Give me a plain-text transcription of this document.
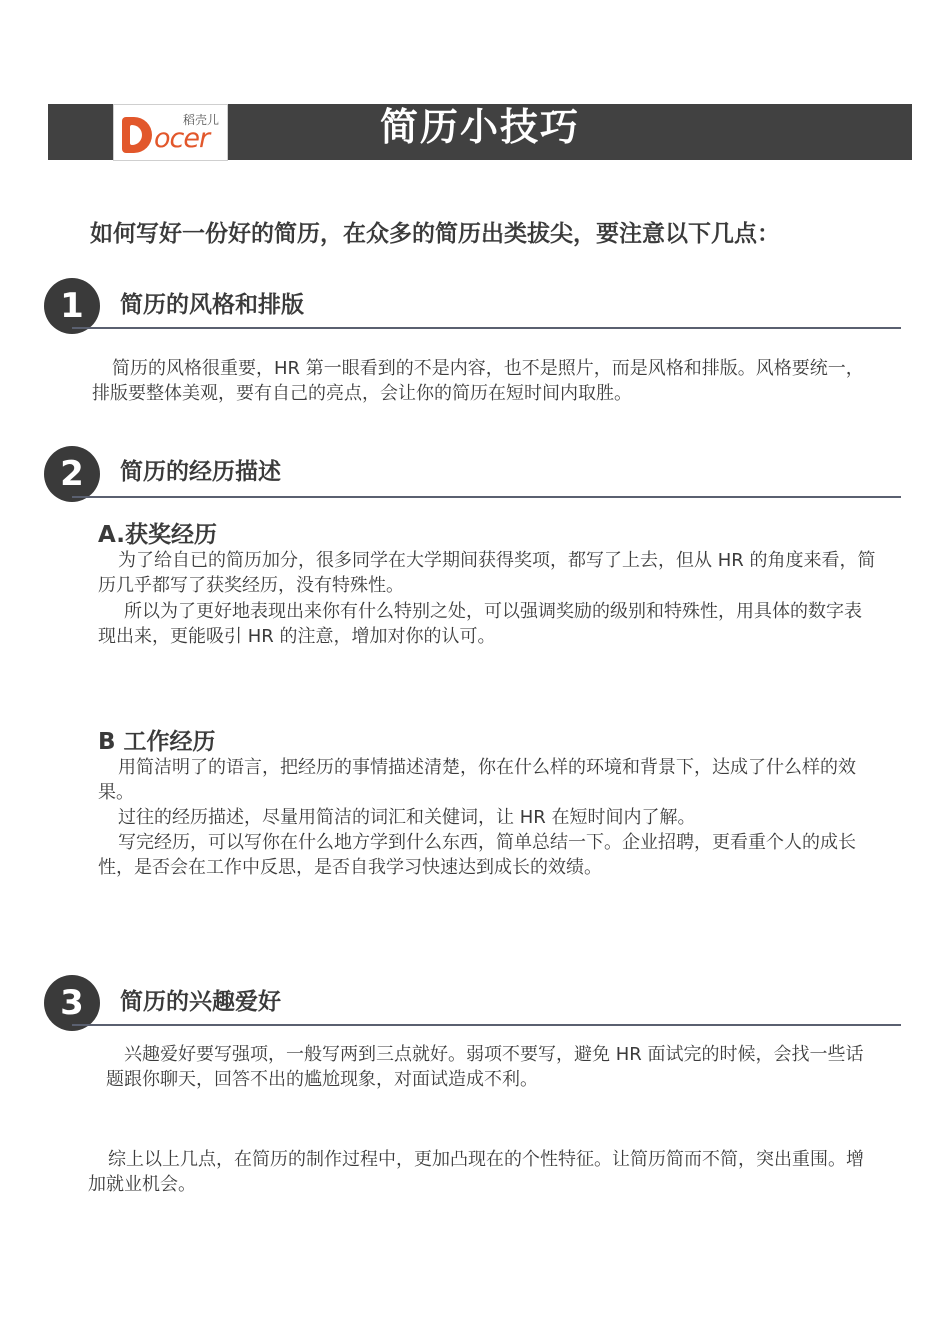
简历小技巧
稻壳儿
ocer
如何写好一份好的简历，在众多的简历出类拔尖，要注意以下几点：
1	简历的风格和排版
简历的风格很重要，HR 第一眼看到的不是内容，也不是照片，而是风格和排版。风格要统一，排版要整体美观，要有自己的亮点，会让你的简历在短时间内取胜。
2	简历的经历描述
A.获奖经历
为了给自已的简历加分，很多同学在大学期间获得奖项，都写了上去，但从 HR 的角度来看，简历几乎都写了获奖经历，没有特殊性。
所以为了更好地表现出来你有什么特别之处，可以强调奖励的级别和特殊性，用具体的数字表现出来，更能吸引 HR 的注意，增加对你的认可。
B 工作经历
用简洁明了的语言，把经历的事情描述清楚，你在什么样的环境和背景下，达成了什么样的效果。
过往的经历描述，尽量用简洁的词汇和关健词，让 HR 在短时间内了解。
写完经历，可以写你在什么地方学到什么东西，简单总结一下。企业招聘，更看重个人的成长性，是否会在工作中反思，是否自我学习快速达到成长的效绩。
3	简历的兴趣爱好
兴趣爱好要写强项，一般写两到三点就好。弱项不要写，避免 HR 面试完的时候，会找一些话题跟你聊天，回答不出的尴尬现象，对面试造成不利。
综上以上几点，在简历的制作过程中，更加凸现在的个性特征。让简历简而不简，突出重围。增加就业机会。
